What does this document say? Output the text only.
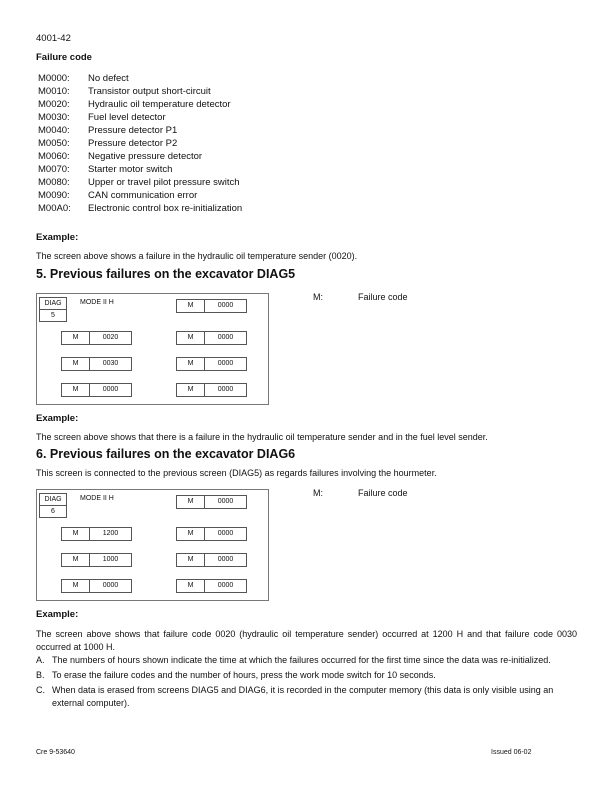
4001-42
Failure code
M0000:	No defect
M0010:	Transistor output short-circuit
M0020:	Hydraulic oil temperature detector
M0030:	Fuel level detector
M0040:	Pressure detector P1
M0050:	Pressure detector P2
M0060:	Negative pressure detector
M0070:	Starter motor switch
M0080:	Upper or travel pilot pressure switch
M0090:	CAN communication error
M00A0:	Electronic control box re-initialization
Example:
The screen above shows a failure in the hydraulic oil temperature sender (0020).
5. Previous failures on the excavator DIAG5
DIAG
5
MODE II H
M	0020
M	0030
M	0000
M	0000
M	0000
M	0000
M	0000
M:	Failure code
Example:
The screen above shows that there is a failure in the hydraulic oil temperature sender and in the fuel level sender.
6. Previous failures on the excavator DIAG6
This screen is connected to the previous screen (DIAG5) as regards failures involving the hourmeter.
DIAG
6
MODE II H
M	1200
M	1000
M	0000
M	0000
M	0000
M	0000
M	0000
M:	Failure code
Example:
The screen above shows that failure code 0020 (hydraulic oil temperature sender) occurred at 1200 H and that failure code 0030 occurred at 1000 H.
A. The numbers of hours shown indicate the time at which the failures occurred for the first time since the data was re-initialized.
B. To erase the failure codes and the number of hours, press the work mode switch for 10 seconds.
C. When data is erased from screens DIAG5 and DIAG6, it is recorded in the computer memory (this data is only visible using an external computer).
Cre 9-53640	Issued 06-02
